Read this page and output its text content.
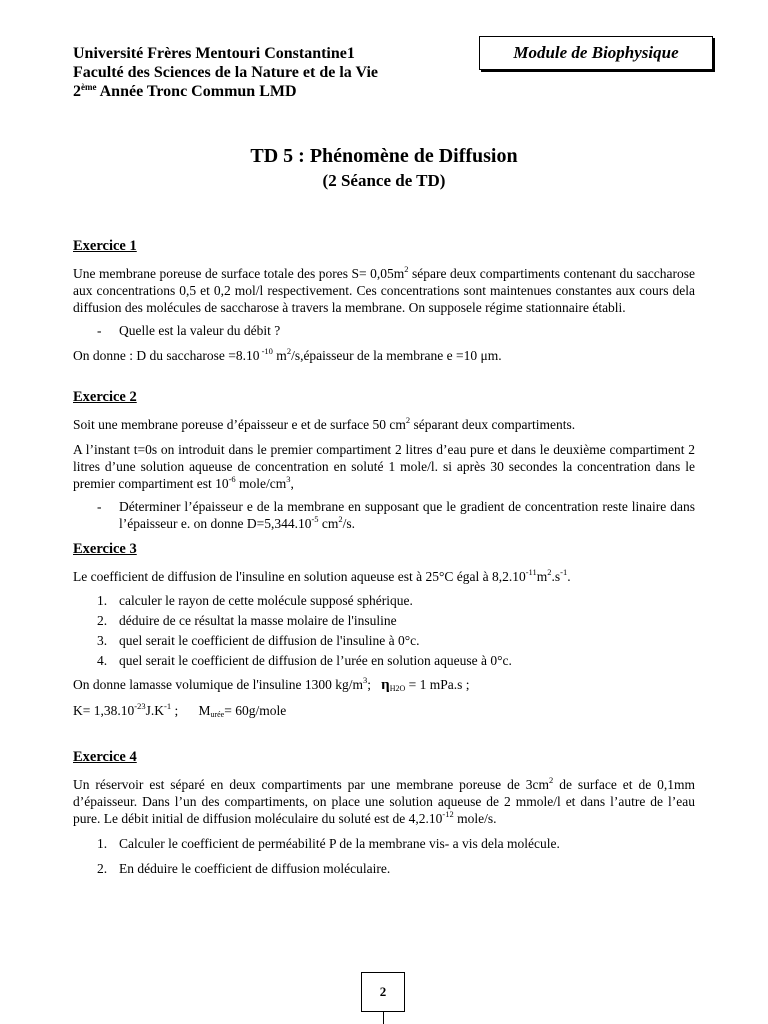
Université Frères Mentouri Constantine1
Faculté des Sciences de la Nature et de la Vie
2ème Année Tronc Commun LMD
Module de Biophysique
TD 5 : Phénomène de Diffusion
(2 Séance de TD)

Exercice 1

Une membrane poreuse de surface totale des pores $S= 0,05m^2$ sépare deux compartiments contenant du saccharose aux concentrations 0,5 et 0,2 mol/l respectivement. Ces concentrations sont maintenues constantes aux cours dela diffusion des molécules de saccharose à travers la membrane. On supposele régime stationnaire établi.

- Quelle est la valeur du débit ?

On donne : D du saccharose =8.10 $^{-10}$ $m^2/s,épaisseur$ de la membrane e =10 μm.

Exercice 2

Soit une membrane poreuse d’épaisseur e et de surface 50 $cm^2$ séparant deux compartiments.

A l’instant t=0s on introduit dans le premier compartiment 2 litres d’eau pure et dans le deuxième compartiment 2 litres d’une solution aqueuse de concentration en soluté 1 mole/l. si après 30 secondes la concentration dans le premier compartiment est $10^{-6}$ mole/$cm^3$,

- Déterminer l’épaisseur e de la membrane en supposant que le gradient de concentration reste linaire dans l’épaisseur e. on donne $D=5,344.10^{-5}$ $cm^2/s$.

Exercice 3

Le coefficient de diffusion de l'insuline en solution aqueuse est à 25°C égal à $8,2.10^{-11}m^2.s^{-1}$.

1. calculer le rayon de cette molécule supposé sphérique.
2. déduire de ce résultat la masse molaire de l'insuline
3. quel serait le coefficient de diffusion de l'insuline à 0°c.
4. quel serait le coefficient de diffusion de l’urée en solution aqueuse à 0°c.

On donne lamasse volumique de l'insuline 1300 $kg/m^3$;   $\eta_{H2O} = 1$ mPa.s ;

$K= 1,38.10^{-23}J.K^{-1}$ ;      $M_{urée}=$ 60g/mole

Exercice 4

Un réservoir est séparé en deux compartiments par une membrane poreuse de $3cm^2$ de surface et de 0,1mm d’épaisseur. Dans l’un des compartiments, on place une solution aqueuse de 2 mmole/l et dans l’autre de l’eau pure. Le débit initial de diffusion moléculaire du soluté est de $4,2.10^{-12}$ mole/s.

1. Calculer le coefficient de perméabilité P de la membrane vis- a vis dela molécule.
2. En déduire le coefficient de diffusion moléculaire.
2
